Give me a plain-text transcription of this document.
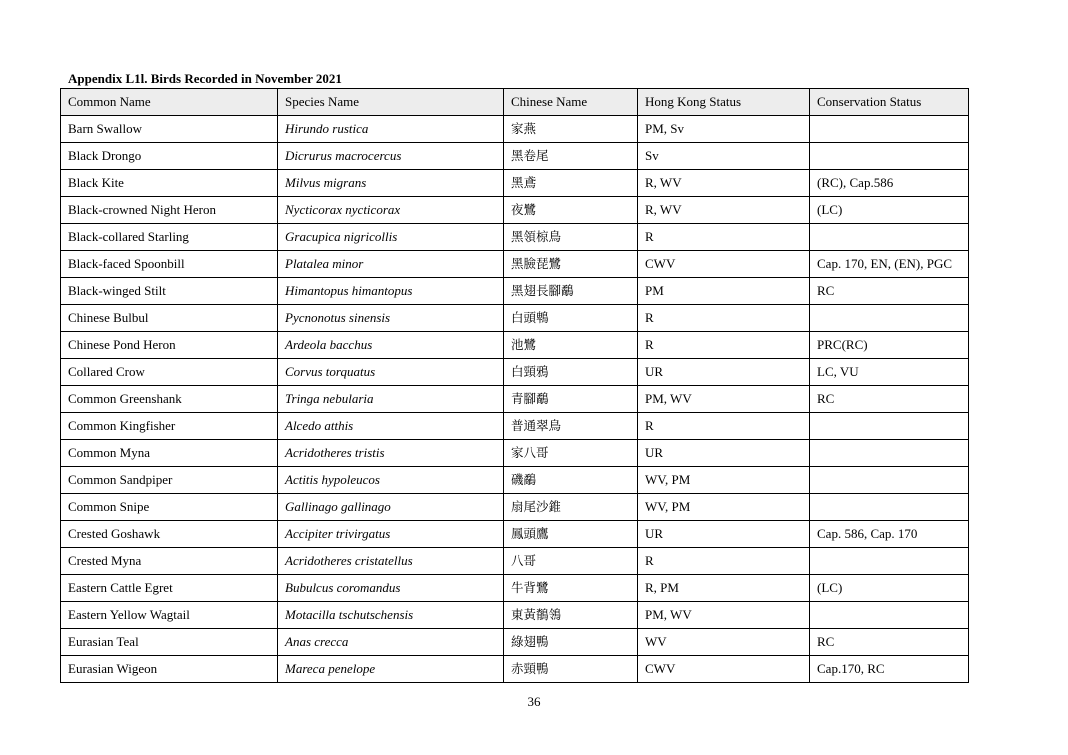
Appendix L1l. Birds Recorded in November 2021
Common Name	Species Name	Chinese Name	Hong Kong Status	Conservation Status
Barn Swallow	Hirundo rustica	家燕	PM, Sv	
Black Drongo	Dicrurus macrocercus	黑卷尾	Sv	
Black Kite	Milvus migrans	黑鳶	R, WV	(RC), Cap.586
Black-crowned Night Heron	Nycticorax nycticorax	夜鷺	R, WV	(LC)
Black-collared Starling	Gracupica nigricollis	黑領椋鳥	R	
Black-faced Spoonbill	Platalea minor	黑臉琵鷺	CWV	Cap. 170, EN, (EN), PGC
Black-winged Stilt	Himantopus himantopus	黑翅長腳鷸	PM	RC
Chinese Bulbul	Pycnonotus sinensis	白頭鵯	R	
Chinese Pond Heron	Ardeola bacchus	池鷺	R	PRC(RC)
Collared Crow	Corvus torquatus	白頸鴉	UR	LC, VU
Common Greenshank	Tringa nebularia	青腳鷸	PM, WV	RC
Common Kingfisher	Alcedo atthis	普通翠鳥	R	
Common Myna	Acridotheres tristis	家八哥	UR	
Common Sandpiper	Actitis hypoleucos	磯鷸	WV, PM	
Common Snipe	Gallinago gallinago	扇尾沙錐	WV, PM	
Crested Goshawk	Accipiter trivirgatus	鳳頭鷹	UR	Cap. 586, Cap. 170
Crested Myna	Acridotheres cristatellus	八哥	R	
Eastern Cattle Egret	Bubulcus coromandus	牛背鷺	R, PM	(LC)
Eastern Yellow Wagtail	Motacilla tschutschensis	東黃鶺鴒	PM, WV	
Eurasian Teal	Anas crecca	綠翅鴨	WV	RC
Eurasian Wigeon	Mareca penelope	赤頸鴨	CWV	Cap.170, RC
36
